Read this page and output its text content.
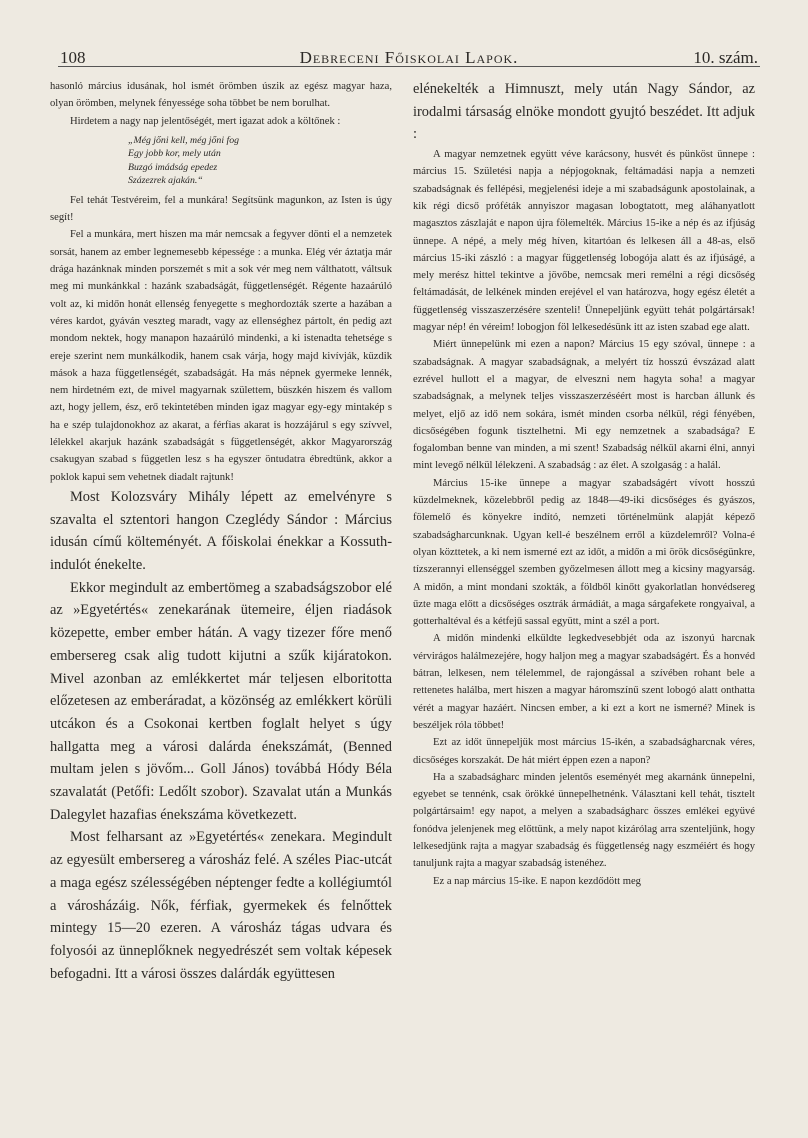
108	Debreceni Főiskolai Lapok.	10. szám.

hasonló március idusának, hol ismét örömben úszik az egész magyar haza, olyan örömben, melynek fényessége soha többet be nem borulhat.

Hirdetem a nagy nap jelentőségét, mert igazat adok a költőnek :

„Még jőni kell, még jőni fog
Egy jobb kor, mely után
Buzgó imádság epedez
Százezrek ajakán.“

Fel tehát Testvéreim, fel a munkára! Segítsünk magunkon, az Isten is úgy segít!

Fel a munkára, mert hiszen ma már nemcsak a fegyver dönti el a nemzetek sorsát, hanem az ember legnemesebb képessége : a munka. Elég vér áztatja már drága hazánknak minden porszemét s mit a sok vér meg nem válthatott, váltsuk meg mi munkánkkal : hazánk szabadságát, függetlenségét. Régente hazaárúló volt az, ki midőn honát ellenség fenyegette s meghordozták szerte a hazában a véres kardot, gyáván veszteg maradt, vagy az ellenséghez pártolt, én pedig azt mondom nektek, hogy manapon hazaárúló mindenki, a ki istenadta tehetsége s ereje szerint nem munkálkodik, hanem csak várja, hogy majd kivívják, küzdik mások a haza függetlenségét, szabadságát. Ha más népnek gyermeke lennék, nem hirdetném ezt, de mivel magyarnak születtem, büszkén hiszem és vallom azt, hogy jellem, ész, erő tekintetében minden igaz magyar egy-egy mintakép s ha e szép tulajdonokhoz az akarat, a férfias akarat is hozzájárul s egy szívvel, lélekkel akarjuk hazánk szabadságát s függetlenségét, akkor Magyarország csakugyan szabad s független lesz s ha egyszer öntudatra ébredtünk, akkor a poklok kapui sem vehetnek diadalt rajtunk!

Most Kolozsváry Mihály lépett az emelvényre s szavalta el sztentori hangon Czeglédy Sándor : Március idusán című költeményét. A főiskolai énekkar a Kossuth-indulót énekelte.

Ekkor megindult az embertömeg a szabadságszobor elé az »Egyetértés« zenekarának ütemeire, éljen riadások közepette, ember ember hátán. A vagy tizezer főre menő embersereg csak alig tudott kijutni a szűk kijáratokon. Mivel azonban az emlékkertet már teljesen elboritotta előzetesen az emberáradat, a közönség az emlékkert körüli utcákon és a Csokonai kertben foglalt helyet s úgy hallgatta meg a városi dalárda énekszámát, (Benned multam jelen s jövőm... Goll János) továbbá Hódy Béla szavalatát (Petőfi: Ledőlt szobor). Szavalat után a Munkás Dalegylet hazafias énekszáma következett.

Most felharsant az »Egyetértés« zenekara. Megindult az egyesült embersereg a városház felé. A széles Piac-utcát a maga egész szélességében néptenger fedte a kollégiumtól a városházáig. Nők, férfiak, gyermekek és felnőttek mintegy 15—20 ezeren. A városház tágas udvara és folyosói az ünneplőknek negyedrészét sem voltak képesek befogadni. Itt a városi összes dalárdák együttesen

elénekelték a Himnuszt, mely után Nagy Sándor, az irodalmi társaság elnöke mondott gyujtó beszédet. Itt adjuk :

A magyar nemzetnek együtt véve karácsony, husvét és pünköst ünnepe : március 15. Születési napja a népjogoknak, feltámadási napja a nemzeti szabadságnak és fellépési, megjelenési ideje a mi szabadságunk apostolainak, a kik régi dicső próféták annyiszor magasan lobogtatott, meg aláhanyatlott magasztos zászlaját e napon újra fölemelték. Március 15-ike a nép és az ifjúság ünnepe. A népé, a mely még híven, kitartóan és lelkesen áll a 48-as, első március 15-iki zászló : a magyar függetlenség lobogója alatt és az ifjúságé, a mely merész hittel tekintve a jövőbe, nemcsak meri remélni a régi dicsőség feltámadását, de lelkének minden erejével el van határozva, hogy egész életét a függetlenség visszaszerzésére szenteli! Ünnepeljünk együtt tehát polgártársak! magyar nép! én véreim! lobogjon föl lelkesedésünk itt az isten szabad ege alatt.

Miért ünnepelünk mi ezen a napon? Március 15 egy szóval, ünnepe : a szabadságnak. A magyar szabadságnak, a melyért tíz hosszú évszázad alatt ezrével hullott el a magyar, de elveszni nem hagyta soha! a magyar szabadságnak, a melynek teljes visszaszerzéséért most is harcban állunk és melyet, eljő az idő nem sokára, ismét minden csorba nélkül, régi fényében, dicsőségében fogunk tisztelhetni. Mi egy nemzetnek a szabadsága? E fogalomban benne van minden, a mi szent! Szabadság nélkül akarni élni, annyi mint levegő nélkül lélekzeni. A szabadság : az élet. A szolgaság : a halál.

Március 15-ike ünnepe a magyar szabadságért vívott hosszú küzdelmeknek, közelebbről pedig az 1848—49-iki dicsőséges és gyászos, fölemelő és könyekre indító, nemzeti történelmünk alapját képező szabadságharcunknak. Ugyan kell-é beszélnem erről a küzdelemről? Volna-é olyan közttetek, a ki nem ismerné ezt az időt, a midőn a mi örök dicsőségünkre, tízszerannyi ellenséggel szemben győzelmesen állott meg a kicsiny magyarság. A midőn, a mint mondani szokták, a földből kinőtt gyakorlatlan honvédsereg űzte maga előtt a dicsőséges osztrák ármádiát, a maga sárgafekete rongyaival, a gotterhaltéval és a kétfejű sassal együtt, mint a szél a port.

A midőn mindenki elküldte legkedvesebbjét oda az iszonyú harcnak vérvirágos halálmezejére, hogy haljon meg a magyar szabadságért. És a honvéd bátran, lelkesen, nem télelemmel, de rajongással a szívében rohant bele a rettenetes halálba, mert hiszen a magyar háromszínű szent lobogó alatt onthatta vérét a magyar hazáért. Nincsen ember, a ki ezt a kort ne ismerné? Minek is beszéljek róla többet!

Ezt az időt ünnepeljük most március 15-ikén, a szabadságharcnak véres, dicsőséges korszakát. De hát miért éppen ezen a napon?

Ha a szabadságharc minden jelentős eseményét meg akarnánk ünnepelni, egyebet se tennénk, csak örökké ünnepelhetnénk. Választani kell tehát, tisztelt polgártársaim! egy napot, a melyen a szabadságharc összes emlékei együvé fonódva jelenjenek meg előttünk, a mely napot kizárólag arra szenteljünk, hogy lelkesedjünk rajta a magyar szabadság és függetlenség nagy eszméiért és hogy tanuljunk rajta a magyar szabadság istenéhez.

Ez a nap március 15-ike. E napon kezdődött meg
